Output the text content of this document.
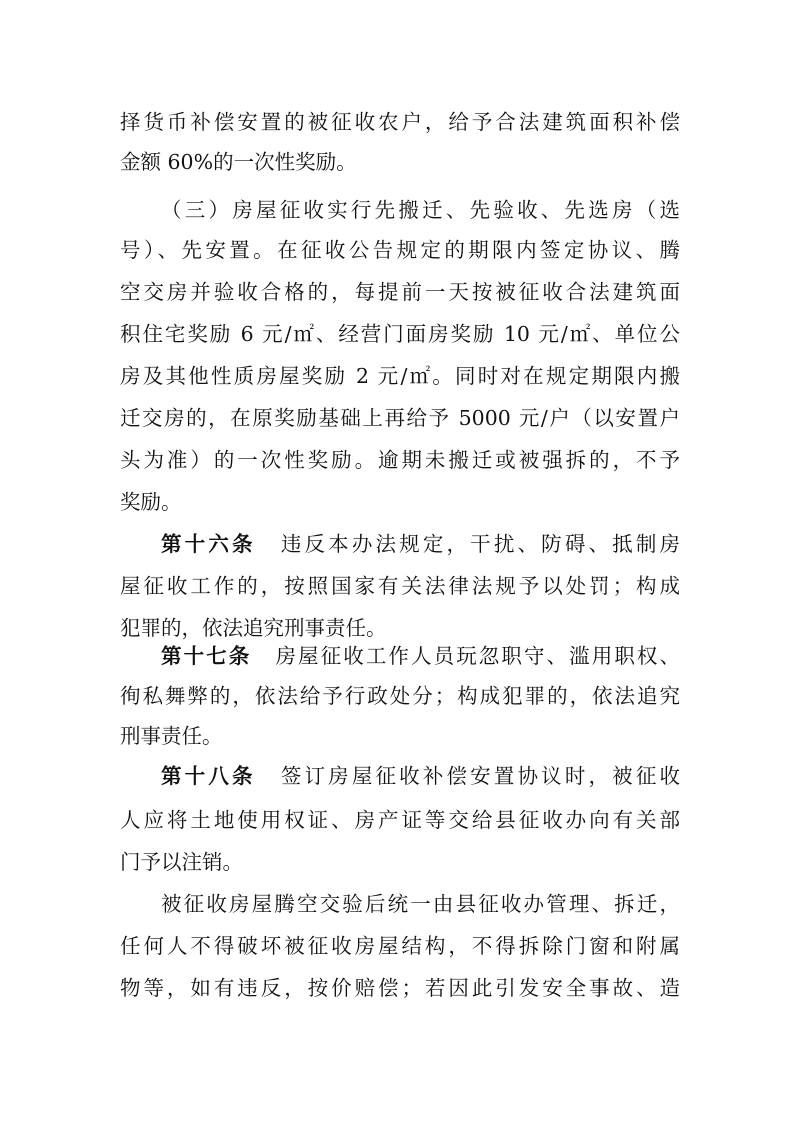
择货币补偿安置的被征收农户，给予合法建筑面积补偿
金额 60%的一次性奖励。
（三）房屋征收实行先搬迁、先验收、先选房（选
号）、先安置。在征收公告规定的期限内签定协议、腾
空交房并验收合格的，每提前一天按被征收合法建筑面
积住宅奖励 6 元/㎡、经营门面房奖励 10 元/㎡、单位公
房及其他性质房屋奖励 2 元/㎡。同时对在规定期限内搬
迁交房的，在原奖励基础上再给予 5000 元/户（以安置户
头为准）的一次性奖励。逾期未搬迁或被强拆的，不予
奖励。
第十六条 违反本办法规定，干扰、防碍、抵制房
屋征收工作的，按照国家有关法律法规予以处罚；构成
犯罪的，依法追究刑事责任。
第十七条 房屋征收工作人员玩忽职守、滥用职权、
徇私舞弊的，依法给予行政处分；构成犯罪的，依法追究
刑事责任。
第十八条 签订房屋征收补偿安置协议时，被征收
人应将土地使用权证、房产证等交给县征收办向有关部
门予以注销。
被征收房屋腾空交验后统一由县征收办管理、拆迁，
任何人不得破坏被征收房屋结构，不得拆除门窗和附属
物等，如有违反，按价赔偿；若因此引发安全事故、造
